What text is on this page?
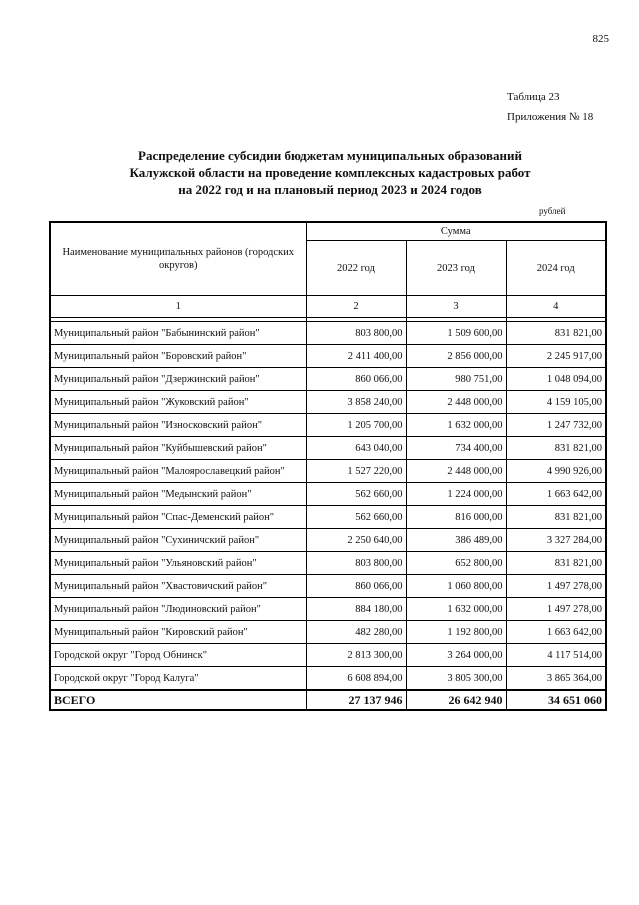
825
Таблица 23
Приложения № 18
Распределение субсидии бюджетам муниципальных образований
Калужской области на проведение комплексных кадастровых работ
на 2022 год и на плановый период 2023 и 2024 годов
рублей
Наименование муниципальных районов (городских округов)	Сумма		
	2022 год	2023 год	2024 год
1	2	3	4

Муниципальный район "Бабынинский район"	803 800,00	1 509 600,00	831 821,00
Муниципальный район "Боровский район"	2 411 400,00	2 856 000,00	2 245 917,00
Муниципальный район "Дзержинский район"	860 066,00	980 751,00	1 048 094,00
Муниципальный район "Жуковский район"	3 858 240,00	2 448 000,00	4 159 105,00
Муниципальный район "Износковский район"	1 205 700,00	1 632 000,00	1 247 732,00
Муниципальный район "Куйбышевский район"	643 040,00	734 400,00	831 821,00
Муниципальный район "Малоярославецкий район"	1 527 220,00	2 448 000,00	4 990 926,00
Муниципальный район "Медынский район"	562 660,00	1 224 000,00	1 663 642,00
Муниципальный район "Спас-Деменский район"	562 660,00	816 000,00	831 821,00
Муниципальный район "Сухиничский район"	2 250 640,00	386 489,00	3 327 284,00
Муниципальный район "Ульяновский район"	803 800,00	652 800,00	831 821,00
Муниципальный район "Хвастовичский район"	860 066,00	1 060 800,00	1 497 278,00
Муниципальный район "Людиновский район"	884 180,00	1 632 000,00	1 497 278,00
Муниципальный район "Кировский район"	482 280,00	1 192 800,00	1 663 642,00
Городской округ "Город Обнинск"	2 813 300,00	3 264 000,00	4 117 514,00
Городской округ "Город Калуга"	6 608 894,00	3 805 300,00	3 865 364,00
ВСЕГО	27 137 946	26 642 940	34 651 060
